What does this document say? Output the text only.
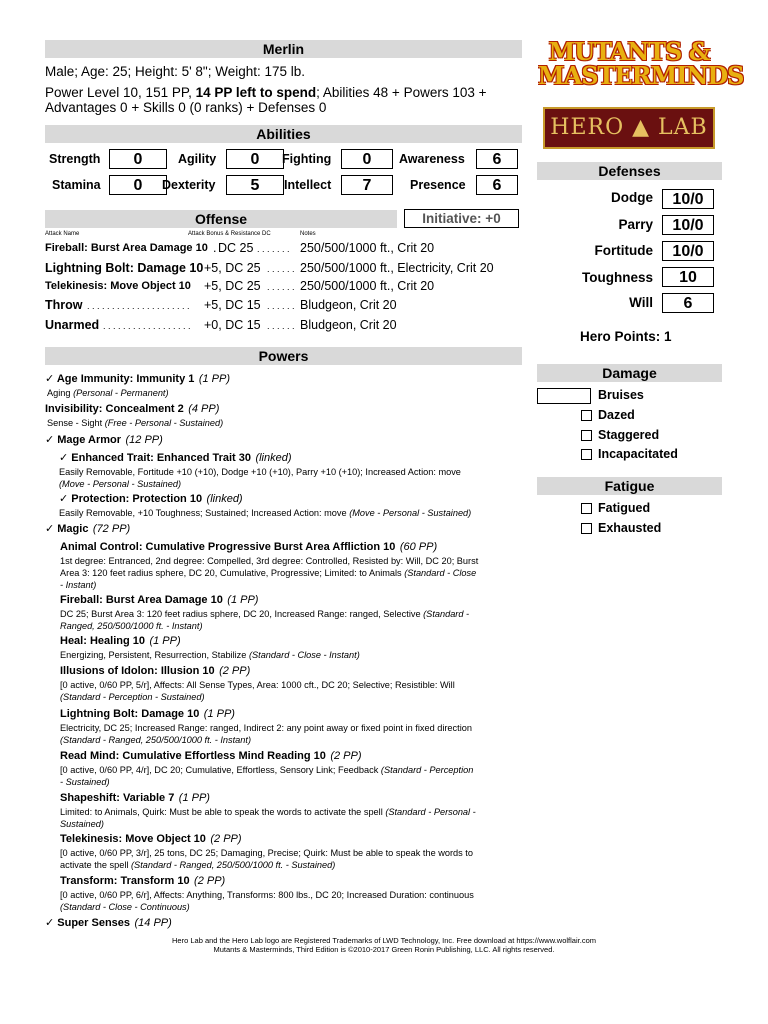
Merlin
Male; Age: 25; Height: 5' 8"; Weight: 175 lb.
Power Level 10, 151 PP, 14 PP left to spend; Abilities 48 + Powers 103 +
Advantages 0 + Skills 0 (0 ranks) + Defenses 0
MUTANTS &
MASTERMINDS
HERO ▲ LAB
Abilities
Strength	0	Agility	0	Fighting	0	Awareness	6
Stamina	0	Dexterity	5	Intellect	7	Presence	6
Offense	Initiative: +0
Attack Name	Attack Bonus & Resistance DC	Notes
Fireball: Burst Area Damage 10 . DC 25 . . . . . . . 250/500/1000 ft., Crit 20
Lightning Bolt: Damage 10 +5, DC 25 . . . . . . 250/500/1000 ft., Electricity, Crit 20
Telekinesis: Move Object 10 +5, DC 25 . . . . . . 250/500/1000 ft., Crit 20
Throw . . . . . . . . . . . . . . . . . . . . . +5, DC 15 . . . . . . Bludgeon, Crit 20
Unarmed . . . . . . . . . . . . . . . . . . +0, DC 15 . . . . . . Bludgeon, Crit 20
Defenses
Dodge	10/0
Parry	10/0
Fortitude	10/0
Toughness	10
Will	6
Hero Points: 1
Damage
Bruises
Dazed
Staggered
Incapacitated
Fatigue
Fatigued
Exhausted
Powers
✓ Age Immunity: Immunity 1 (1 PP)
Aging (Personal - Permanent)
Invisibility: Concealment 2 (4 PP)
Sense - Sight (Free - Personal - Sustained)
✓ Mage Armor (12 PP)
✓ Enhanced Trait: Enhanced Trait 30 (linked)
Easily Removable, Fortitude +10 (+10), Dodge +10 (+10), Parry +10 (+10); Increased Action: move
(Move - Personal - Sustained)
✓ Protection: Protection 10 (linked)
Easily Removable, +10 Toughness; Sustained; Increased Action: move (Move - Personal - Sustained)
✓ Magic (72 PP)
Animal Control: Cumulative Progressive Burst Area Affliction 10 (60 PP)
1st degree: Entranced, 2nd degree: Compelled, 3rd degree: Controlled, Resisted by: Will, DC 20; Burst
Area 3: 120 feet radius sphere, DC 20, Cumulative, Progressive; Limited: to Animals (Standard - Close
- Instant)
Fireball: Burst Area Damage 10 (1 PP)
DC 25; Burst Area 3: 120 feet radius sphere, DC 20, Increased Range: ranged, Selective (Standard -
Ranged, 250/500/1000 ft. - Instant)
Heal: Healing 10 (1 PP)
Energizing, Persistent, Resurrection, Stabilize (Standard - Close - Instant)
Illusions of Idolon: Illusion 10 (2 PP)
[0 active, 0/60 PP, 5/r], Affects: All Sense Types, Area: 1000 cft., DC 20; Selective; Resistible: Will
(Standard - Perception - Sustained)
Lightning Bolt: Damage 10 (1 PP)
Electricity, DC 25; Increased Range: ranged, Indirect 2: any point away or fixed point in fixed direction
(Standard - Ranged, 250/500/1000 ft. - Instant)
Read Mind: Cumulative Effortless Mind Reading 10 (2 PP)
[0 active, 0/60 PP, 4/r], DC 20; Cumulative, Effortless, Sensory Link; Feedback (Standard - Perception
- Sustained)
Shapeshift: Variable 7 (1 PP)
Limited: to Animals, Quirk: Must be able to speak the words to activate the spell (Standard - Personal -
Sustained)
Telekinesis: Move Object 10 (2 PP)
[0 active, 0/60 PP, 3/r], 25 tons, DC 25; Damaging, Precise; Quirk: Must be able to speak the words to
activate the spell (Standard - Ranged, 250/500/1000 ft. - Sustained)
Transform: Transform 10 (2 PP)
[0 active, 0/60 PP, 6/r], Affects: Anything, Transforms: 800 lbs., DC 20; Increased Duration: continuous
(Standard - Close - Continuous)
✓ Super Senses (14 PP)
Hero Lab and the Hero Lab logo are Registered Trademarks of LWD Technology, Inc. Free download at https://www.wolflair.com
Mutants & Masterminds, Third Edition is ©2010-2017 Green Ronin Publishing, LLC. All rights reserved.
